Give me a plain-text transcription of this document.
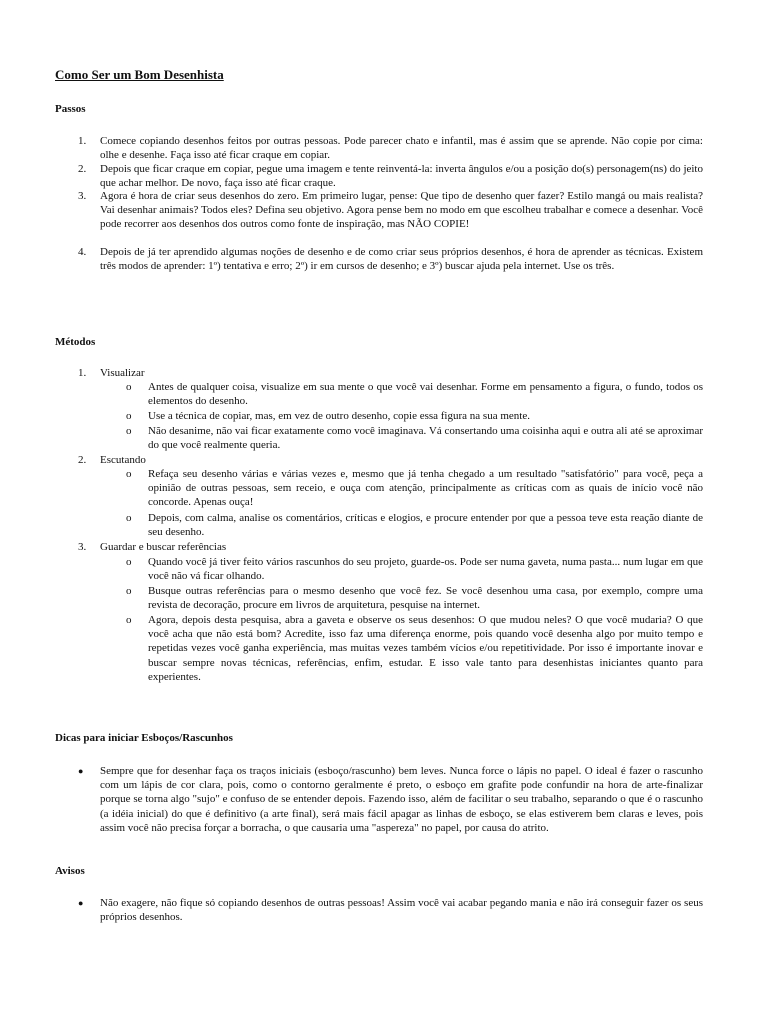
Como Ser um Bom Desenhista
Passos
1. Comece copiando desenhos feitos por outras pessoas. Pode parecer chato e infantil, mas é assim que se aprende. Não copie por cima: olhe e desenhe. Faça isso até ficar craque em copiar.
2. Depois que ficar craque em copiar, pegue uma imagem e tente reinventá-la: inverta ângulos e/ou a posição do(s) personagem(ns) do jeito que achar melhor. De novo, faça isso até ficar craque.
3. Agora é hora de criar seus desenhos do zero. Em primeiro lugar, pense: Que tipo de desenho quer fazer? Estilo mangá ou mais realista? Vai desenhar animais? Todos eles? Defina seu objetivo. Agora pense bem no modo em que escolheu trabalhar e comece a desenhar. Você pode recorrer aos desenhos dos outros como fonte de inspiração, mas NÃO COPIE!
4. Depois de já ter aprendido algumas noções de desenho e de como criar seus próprios desenhos, é hora de aprender as técnicas. Existem três modos de aprender: 1º) tentativa e erro; 2º) ir em cursos de desenho; e 3º) buscar ajuda pela internet. Use os três.
Métodos
1. Visualizar
o Antes de qualquer coisa, visualize em sua mente o que você vai desenhar. Forme em pensamento a figura, o fundo, todos os elementos do desenho.
o Use a técnica de copiar, mas, em vez de outro desenho, copie essa figura na sua mente.
o Não desanime, não vai ficar exatamente como você imaginava. Vá consertando uma coisinha aqui e outra ali até se aproximar do que você realmente queria.
2. Escutando
o Refaça seu desenho várias e várias vezes e, mesmo que já tenha chegado a um resultado "satisfatório" para você, peça a opinião de outras pessoas, sem receio, e ouça com atenção, principalmente as críticas com as quais de início você não concorde. Apenas ouça!
o Depois, com calma, analise os comentários, críticas e elogios, e procure entender por que a pessoa teve esta reação diante de seu desenho.
3. Guardar e buscar referências
o Quando você já tiver feito vários rascunhos do seu projeto, guarde-os. Pode ser numa gaveta, numa pasta... num lugar em que você não vá ficar olhando.
o Busque outras referências para o mesmo desenho que você fez. Se você desenhou uma casa, por exemplo, compre uma revista de decoração, procure em livros de arquitetura, pesquise na internet.
o Agora, depois desta pesquisa, abra a gaveta e observe os seus desenhos: O que mudou neles? O que você mudaria? O que você acha que não está bom? Acredite, isso faz uma diferença enorme, pois quando você desenha algo por muito tempo e repetidas vezes você ganha experiência, mas muitas vezes também vícios e/ou repetitividade. Por isso é importante inovar e buscar sempre novas técnicas, referências, enfim, estudar. E isso vale tanto para desenhistas iniciantes quanto para experientes.
Dicas para iniciar Esboços/Rascunhos
● Sempre que for desenhar faça os traços iniciais (esboço/rascunho) bem leves. Nunca force o lápis no papel. O ideal é fazer o rascunho com um lápis de cor clara, pois, como o contorno geralmente é preto, o esboço em grafite pode confundir na hora de arte-finalizar porque se torna algo "sujo" e confuso de se entender depois. Fazendo isso, além de facilitar o seu trabalho, separando o que é o rascunho (a idéia inicial) do que é definitivo (a arte final), será mais fácil apagar as linhas de esboço, se elas estiverem bem claras e leves, pois assim você não precisa forçar a borracha, o que causaria uma "aspereza" no papel, por causa do atrito.
Avisos
● Não exagere, não fique só copiando desenhos de outras pessoas! Assim você vai acabar pegando mania e não irá conseguir fazer os seus próprios desenhos.
